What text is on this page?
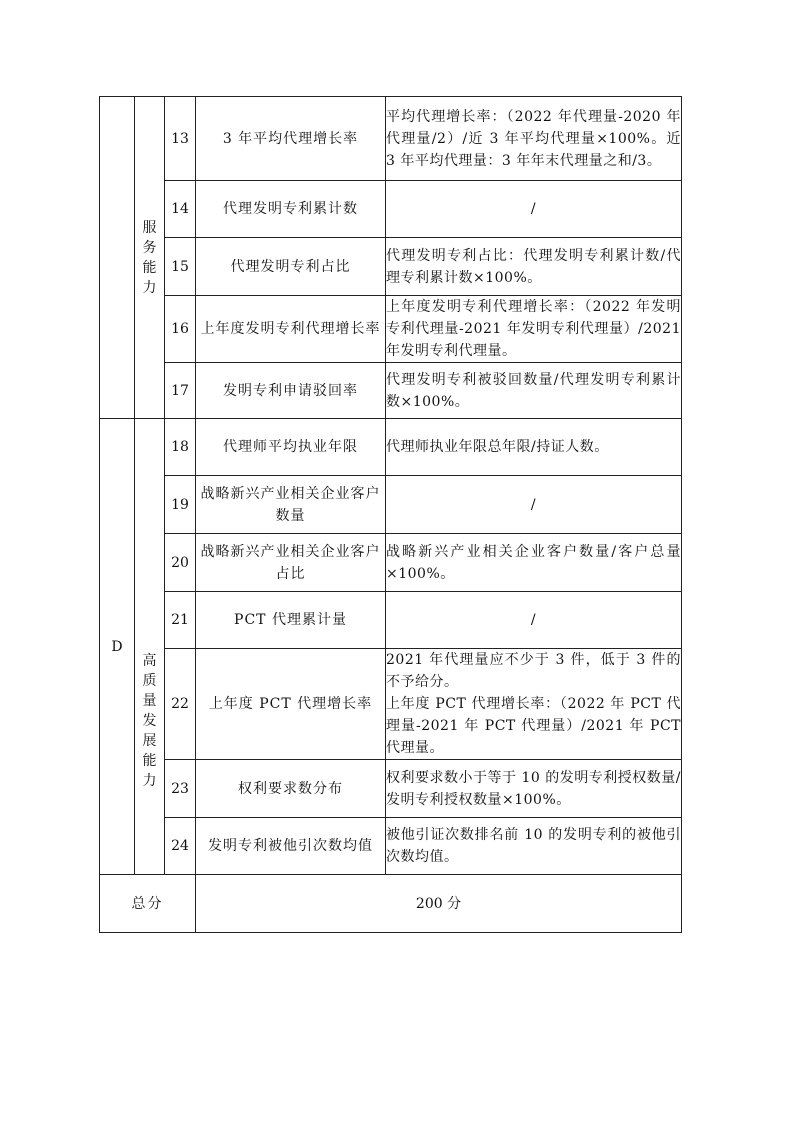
	服务能力	13	3 年平均代理增长率	平均代理增长率：（2022 年代理量-2020 年代理量/2）/近 3 年平均代理量×100%。近 3 年平均代理量：3 年年末代理量之和/3。
		14	代理发明专利累计数	/
		15	代理发明专利占比	代理发明专利占比：代理发明专利累计数/代理专利累计数×100%。
		16	上年度发明专利代理增长率	上年度发明专利代理增长率：（2022 年发明专利代理量-2021 年发明专利代理量）/2021 年发明专利代理量。
		17	发明专利申请驳回率	代理发明专利被驳回数量/代理发明专利累计数×100%。
D	高质量发展能力	18	代理师平均执业年限	代理师执业年限总年限/持证人数。
		19	战略新兴产业相关企业客户数量	/
		20	战略新兴产业相关企业客户占比	战略新兴产业相关企业客户数量/客户总量×100%。
		21	PCT 代理累计量	/
		22	上年度 PCT 代理增长率	2021 年代理量应不少于 3 件，低于 3 件的不予给分。
上年度 PCT 代理增长率：（2022 年 PCT 代理量-2021 年 PCT 代理量）/2021 年 PCT 代理量。

		23	权利要求数分布	权利要求数小于等于 10 的发明专利授权数量/发明专利授权数量×100%。
		24	发明专利被他引次数均值	被他引证次数排名前 10 的发明专利的被他引次数均值。
总分			200 分	
